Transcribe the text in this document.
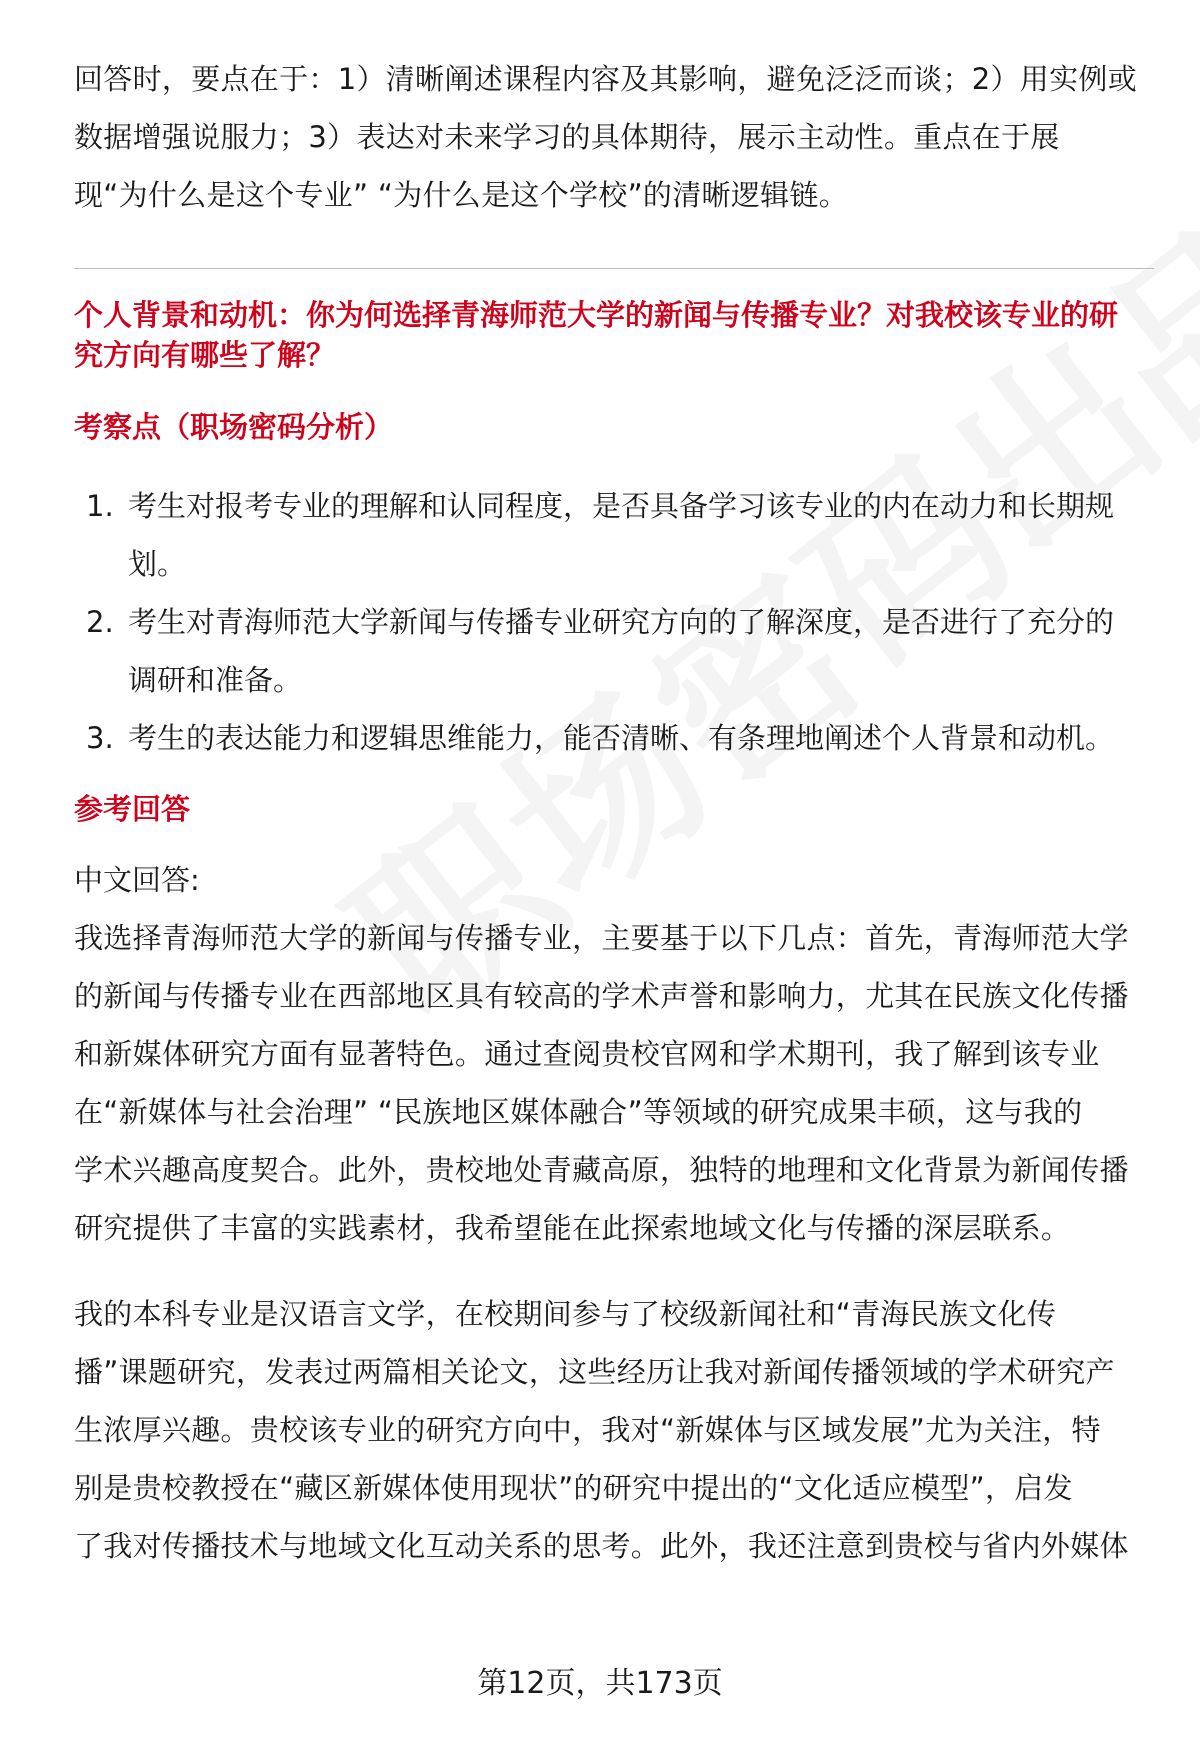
回答时，要点在于：1）清晰阐述课程内容及其影响，避免泛泛而谈；2）用实例或

数据增强说服力；3）表达对未来学习的具体期待，展示主动性。重点在于展

现“为什么是这个专业” “为什么是这个学校”的清晰逻辑链。

个人背景和动机：你为何选择青海师范大学的新闻与传播专业？对我校该专业的研

究方向有哪些了解？

考察点（职场密码分析）

1. 考生对报考专业的理解和认同程度，是否具备学习该专业的内在动力和长期规
划。
2. 考生对青海师范大学新闻与传播专业研究方向的了解深度，是否进行了充分的
调研和准备。
3. 考生的表达能力和逻辑思维能力，能否清晰、有条理地阐述个人背景和动机。

参考回答

中文回答:

我选择青海师范大学的新闻与传播专业，主要基于以下几点：首先，青海师范大学

的新闻与传播专业在西部地区具有较高的学术声誉和影响力，尤其在民族文化传播

和新媒体研究方面有显著特色。通过查阅贵校官网和学术期刊，我了解到该专业

在“新媒体与社会治理” “民族地区媒体融合”等领域的研究成果丰硕，这与我的

学术兴趣高度契合。此外，贵校地处青藏高原，独特的地理和文化背景为新闻传播

研究提供了丰富的实践素材，我希望能在此探索地域文化与传播的深层联系。

我的本科专业是汉语言文学，在校期间参与了校级新闻社和“青海民族文化传

播”课题研究，发表过两篇相关论文，这些经历让我对新闻传播领域的学术研究产

生浓厚兴趣。贵校该专业的研究方向中，我对“新媒体与区域发展”尤为关注，特

别是贵校教授在“藏区新媒体使用现状”的研究中提出的“文化适应模型”，启发

了我对传播技术与地域文化互动关系的思考。此外，我还注意到贵校与省内外媒体

第12页，共173页
